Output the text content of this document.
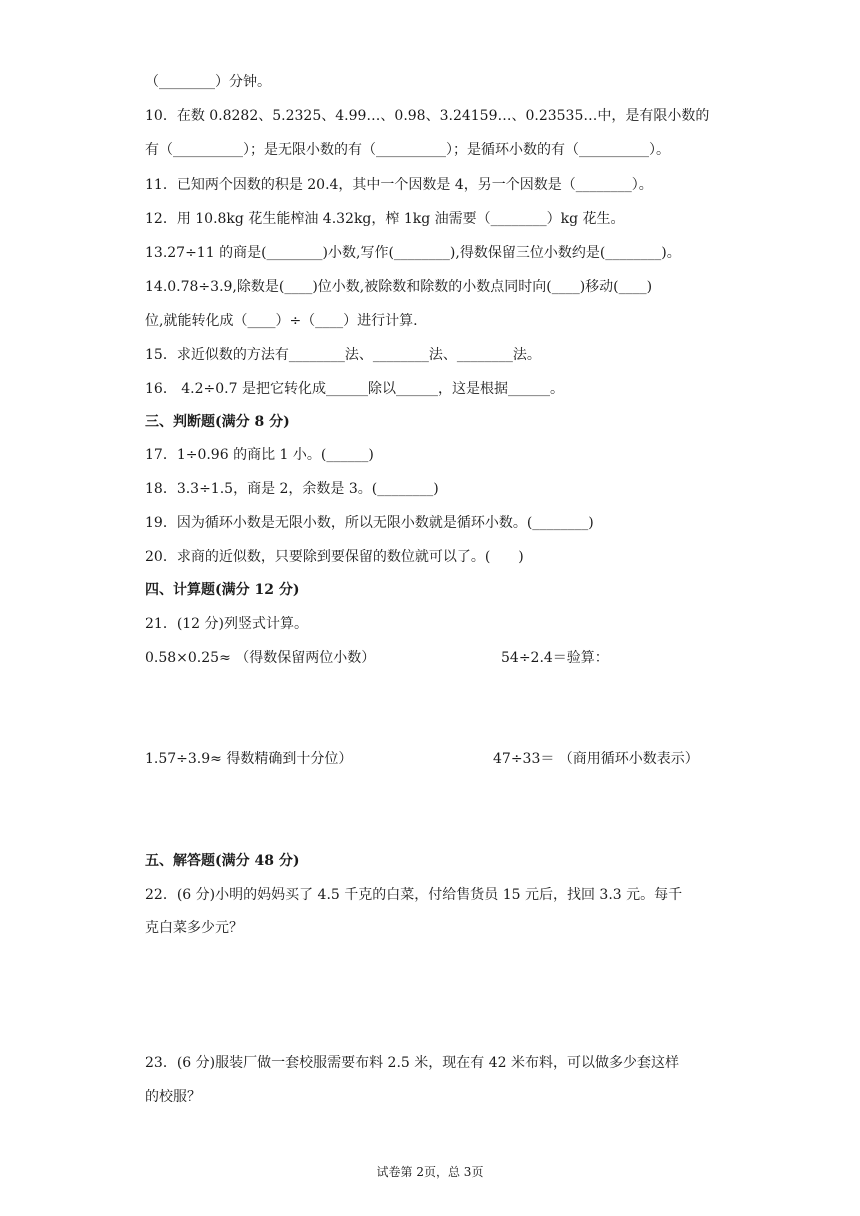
（________）分钟。
10．在数 0.8282、5.2325、4.99…、0.98、3.24159…、0.23535…中，是有限小数的
有（__________）；是无限小数的有（__________）；是循环小数的有（__________）。
11．已知两个因数的积是 20.4，其中一个因数是 4，另一个因数是（________）。
12．用 10.8kg 花生能榨油 4.32kg，榨 1kg 油需要（________）kg 花生。
13.27÷11 的商是(________)小数,写作(________),得数保留三位小数约是(________)。
14.0.78÷3.9,除数是(____)位小数,被除数和除数的小数点同时向(____)移动(____)
位,就能转化成（____）÷（____）进行计算.
15．求近似数的方法有________法、________法、________法。
16． 4.2÷0.7 是把它转化成______除以______，这是根据______。
三、判断题(满分 8 分)
17．1÷0.96 的商比 1 小。(______)
18．3.3÷1.5，商是 2，余数是 3。(________)
19．因为循环小数是无限小数，所以无限小数就是循环小数。(________)
20．求商的近似数，只要除到要保留的数位就可以了。(　　)
四、计算题(满分 12 分)
21．(12 分)列竖式计算。
0.58×0.25≈ （得数保留两位小数）	54÷2.4＝验算：
1.57÷3.9≈ 得数精确到十分位）	47÷33＝ （商用循环小数表示）
五、解答题(满分 48 分)
22．(6 分)小明的妈妈买了 4.5 千克的白菜，付给售货员 15 元后，找回 3.3 元。每千
克白菜多少元？
23．(6 分)服装厂做一套校服需要布料 2.5 米，现在有 42 米布料，可以做多少套这样
的校服？
试卷第 2页，总 3页
